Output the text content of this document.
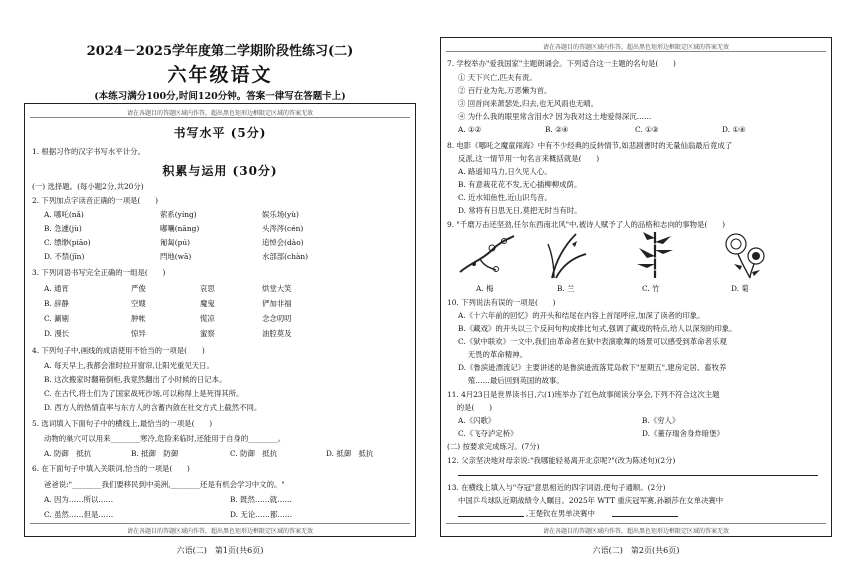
2024－2025学年度第二学期阶段性练习(二)
六年级语文
(本练习满分100分,时间120分钟。答案一律写在答题卡上)
请在各题目的答题区域内作答，超出黑色矩形边框限定区域的答案无效
书写水平 (5分)
1. 根据习作的汉字书写水平计分。
积累与运用 (30分)
(一) 选择题。(每小题2分,共20分)
2. 下列加点字读音正确的一项是(　　)
A. 哪吒(nǎ)	萦系(yíng)	娱乐场(yù)
B. 急遽(jù)	嘟囔(nāng)	头涔涔(cén)
C. 缥缈(piāo)	匍匐(pú)	追悼会(dào)
D. 不禁(jīn)	閂地(wā)	水部部(chàn)
3. 下列词语书写完全正确的一组是(　　)
A. 通宵	严俊	哀思	烘堂大笑
B. 辞静	空嫂	魔鬼	俨加非福
C. 涮剔	肿帐	慌凉	念念叨叨
D. 漫长	惊异	蜜察	油腔莫及
4. 下列句子中,画线的成语使用不恰当的一项是(　　)
A. 每天早上,我都会准时拉开窗帘,让阳光重见天日。
B. 这次搬家时翻箱倒柜,我竟然翻出了小时候的日记本。
C. 在古代,将士们为了国家战死沙场,可以称得上是死得其所。
D. 西方人的热情直率与东方人的含蓄内敛在社交方式上截然不同。
5. 选词填入下面句子中的横线上,最恰当的一项是(　　)
动物的巢穴可以用来________寒冷,危险来临时,还能用于自身的________。
A. 防御　抵抗	B. 抵御　防御	C. 防御　抵抗	D. 抵御　抵抗
6. 在下面句子中填入关联词,恰当的一项是(　　)
爸爸说:"________我们要移民到中美洲,________还是有机会学习中文的。"
A. 因为……所以……	B. 既然……就……
C. 虽然……但是……	D. 无论……都……
请在各题目的答题区域内作答，超出黑色矩形边框限定区域的答案无效
六语(二)　第1页(共6页)
请在各题目的答题区域内作答，超出黑色矩形边框限定区域的答案无效
7. 学校举办"爱我国家"主题朗诵会。下列适合这一主题的名句是(　　)
① 天下兴亡,匹夫有责。
② 百行业为先,万恶懒为首。
③ 回首向来萧瑟处,归去,也无风雨也无晴。
④ 为什么我的眼里常含泪水? 因为我对这土地爱得深沉……
A. ①②	B. ②④	C. ①③	D. ①④
8. 电影《哪吒之魔童闹海》中有不少经典的反转情节,如悲剧書时的无量仙翁最后竟成了
反派,这一情节用一句名言来概括就是(　　)
A. 路遥知马力,日久见人心。
B. 有意栽花花不发,无心插柳柳成荫。
C. 近水知鱼性,近山识鸟音。
D. 常将有日思无日,莫把无时当有时。
9. "千磨万击还坚劲,任尔东西南北风"中,被诗人赋予了人的品格和志向的事物是(　　)
A. 梅	B. 兰	C. 竹	D. 菊
10. 下列说法有误的一项是(　　)
A.《十六年前的回忆》的开头和结尾在内容上首尾呼应,加深了读者的印象。
B.《藏戏》的开头以三个反问句构成排比句式,强调了藏戏的特点,给人以深刻的印象。
C.《狱中联欢》一文中,我们由革命者在狱中表演歌舞的场景可以感受到革命者乐观
　 无畏的革命精神。
D.《鲁滨逊漂流记》主要讲述的是鲁滨逊流落荒岛救下"星期五",建房定居、畜牧养
　 殖……最后回到英国的故事。
11. 4月23日是世界读书日,六(1)班举办了红色故事阅读分享会,下列不符合这次主题
　 的是(　　)
A.《闪歌》	B.《穷人》
C.《飞夺泸定桥》	D.《董存瑞舍身炸暗堡》
(二) 按要求完成练习。(7分)
12. 父亲坚决地对母亲说:"我哪能轻易离开北京呢?"(改为陈述句)(2分)
13. 在横线上填入与"夺冠"意思相近的四字词语,使句子通顺。(2分)
中国乒乓球队近期战绩令人瞩目。2025年 WTT 重庆冠军赛,孙颖莎在女单决赛中
,王楚钦在男单决赛中
请在各题目的答题区域内作答，超出黑色矩形边框限定区域的答案无效
六语(二)　第2页(共6页)
